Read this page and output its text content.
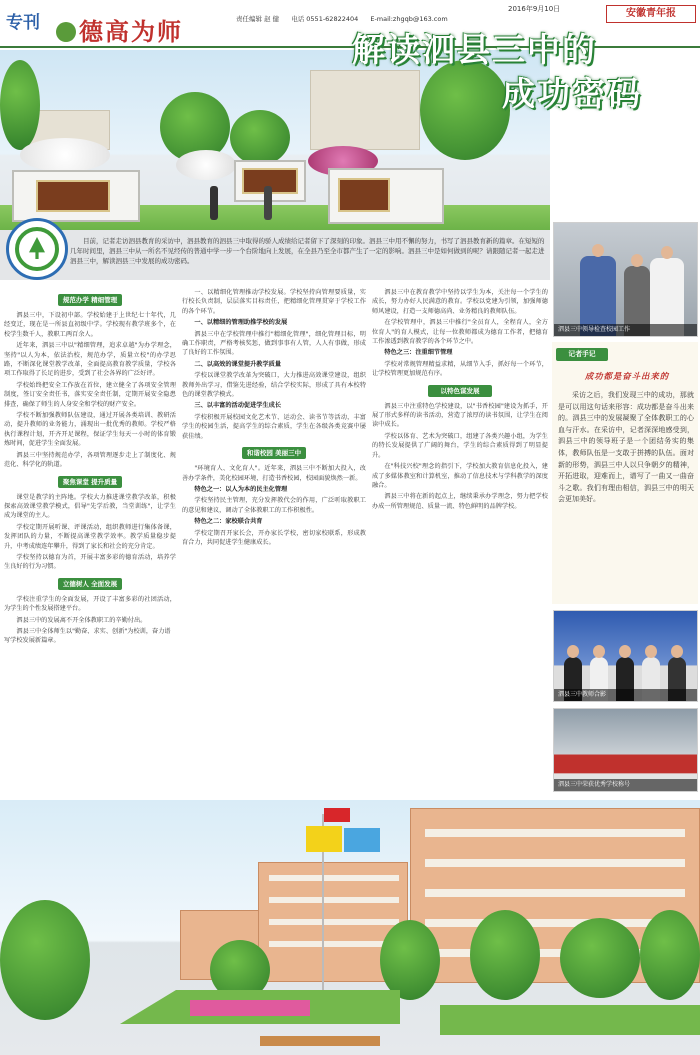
专刊	德高为师	责任编辑 赵 健 电话 0551-62822404 E-mail:zhgqb@163.com
2016年9月10日	安徽青年报
解读泗县三中的
成功密码
目前，记者走访泗县教育的采访中，泗县教育的泗县三中取得的骄人成绩给记者留下了深刻的印象。泗县三中用不懈的努力，书写了泗县教育新的篇章。在短短的几年时间里，泗县三中从一所名不见经传的普通中学一步一个台阶地向上发展，在全县乃至全市都产生了一定的影响。泗县三中是如何做到的呢？请跟随记者一起走进泗县三中，解读泗县三中发展的成功密码。
泗县三中领导检查校园工作
泗县三中教师合影
泗县三中荣获优秀学校称号
规范办学 精细管理

泗县三中，下设初中部。学校始建于上世纪七十年代，几经变迁，现在是一所县直初级中学。学校现有教学班多个，在校学生数千人，教职工两百余人。

近年来，泗县三中以"精细管理，追求卓越"为办学理念，坚持"以人为本，依法治校，规范办学，质量立校"的办学思路，不断深化课堂教学改革，全面提高教育教学质量，学校各项工作取得了长足的进步，受到了社会各界的广泛好评。

学校始终把安全工作放在首位，建立健全了各项安全管理制度，签订安全责任书，落实安全责任制，定期开展安全隐患排查，确保了师生的人身安全和学校的财产安全。

学校不断加强教师队伍建设，通过开展各类培训、教研活动，提升教师的业务能力，涌现出一批优秀的教师。学校严格执行课程计划，开齐开足课程，保证学生每天一小时的体育锻炼时间，促进学生全面发展。

泗县三中坚持规范办学，各项管理逐步走上了制度化、规范化、科学化的轨道。

聚焦课堂 提升质量

课堂是教学的主阵地。学校大力推进课堂教学改革，积极探索高效课堂教学模式，倡导"先学后教，当堂训练"，让学生成为课堂的主人。

学校定期开展听课、评课活动，组织教师进行集体备课，发挥团队的力量，不断提高课堂教学效率。教学质量稳步提升，中考成绩连年攀升，得到了家长和社会的充分肯定。

学校坚持以德育为首，开展丰富多彩的德育活动，培养学生良好的行为习惯。

立德树人 全面发展

学校注重学生的全面发展，开设了丰富多彩的社团活动，为学生的个性发展搭建平台。

泗县三中的发展离不开全体教职工的辛勤付出。

泗县三中全体师生以"勤奋、求实、创新"为校训，奋力谱写学校发展新篇章。

一、以精细化管理推动学校发展。学校坚持向管理要质量，实行校长负责制，层层落实目标责任，把精细化管理贯穿于学校工作的各个环节。

一、以精细的管理助推学校的发展

泗县三中在学校管理中推行"精细化管理"，细化管理目标，明确工作职责，严格考核奖惩，做到事事有人管，人人有事做，形成了良好的工作氛围。

二、以高效的课堂提升教学质量

学校以课堂教学改革为突破口，大力推进高效课堂建设，组织教师外出学习，借鉴先进经验，结合学校实际，形成了具有本校特色的课堂教学模式。

三、以丰富的活动促进学生成长

学校积极开展校园文化艺术节、运动会、读书节等活动，丰富学生的校园生活，提高学生的综合素质，学生在各级各类竞赛中屡获佳绩。

和谐校园 美丽三中

"环境育人、文化育人"。近年来，泗县三中不断加大投入，改善办学条件，美化校园环境，打造书香校园，校园面貌焕然一新。

特色之一：以人为本的民主化管理

学校坚持民主管理，充分发挥教代会的作用，广泛听取教职工的意见和建议，调动了全体教职工的工作积极性。

特色之二：家校联合共育

学校定期召开家长会，开办家长学校，密切家校联系，形成教育合力，共同促进学生健康成长。

泗县三中在教育教学中坚持以学生为本，关注每一个学生的成长，努力办好人民满意的教育。学校以党建为引领，加强师德师风建设，打造一支师德高尚、业务精良的教师队伍。

在学校管理中，泗县三中推行"全员育人，全程育人，全方位育人"的育人模式，让每一位教师都成为德育工作者，把德育工作渗透到教育教学的各个环节之中。

特色之三：注重细节管理

学校对常规管理精益求精，从细节入手，抓好每一个环节，让学校管理更加规范有序。

以特色谋发展

泗县三中注重特色学校建设，以"书香校园"建设为抓手，开展了形式多样的读书活动，营造了浓厚的读书氛围，让学生在阅读中成长。

学校以体育、艺术为突破口，组建了各类兴趣小组，为学生的特长发展提供了广阔的舞台，学生的综合素质得到了明显提升。

在"科技兴校"理念的指引下，学校加大教育信息化投入，建成了多媒体教室和计算机室，推动了信息技术与学科教学的深度融合。

泗县三中将在新的起点上，继续秉承办学理念，努力把学校办成一所管理规范、质量一流、特色鲜明的品牌学校。

记者手记
成功都是奋斗出来的
采访之后，我们发现三中的成功，那就是可以用这句话来形容：成功都是奋斗出来的。泗县三中的发展凝聚了全体教职工的心血与汗水。在采访中，记者深深地感受到，泗县三中的领导班子是一个团结务实的集体，教师队伍是一支敢于拼搏的队伍。面对新的形势，泗县三中人以只争朝夕的精神，开拓进取，迎难而上，谱写了一曲又一曲奋斗之歌。我们有理由相信，泗县三中的明天会更加美好。
